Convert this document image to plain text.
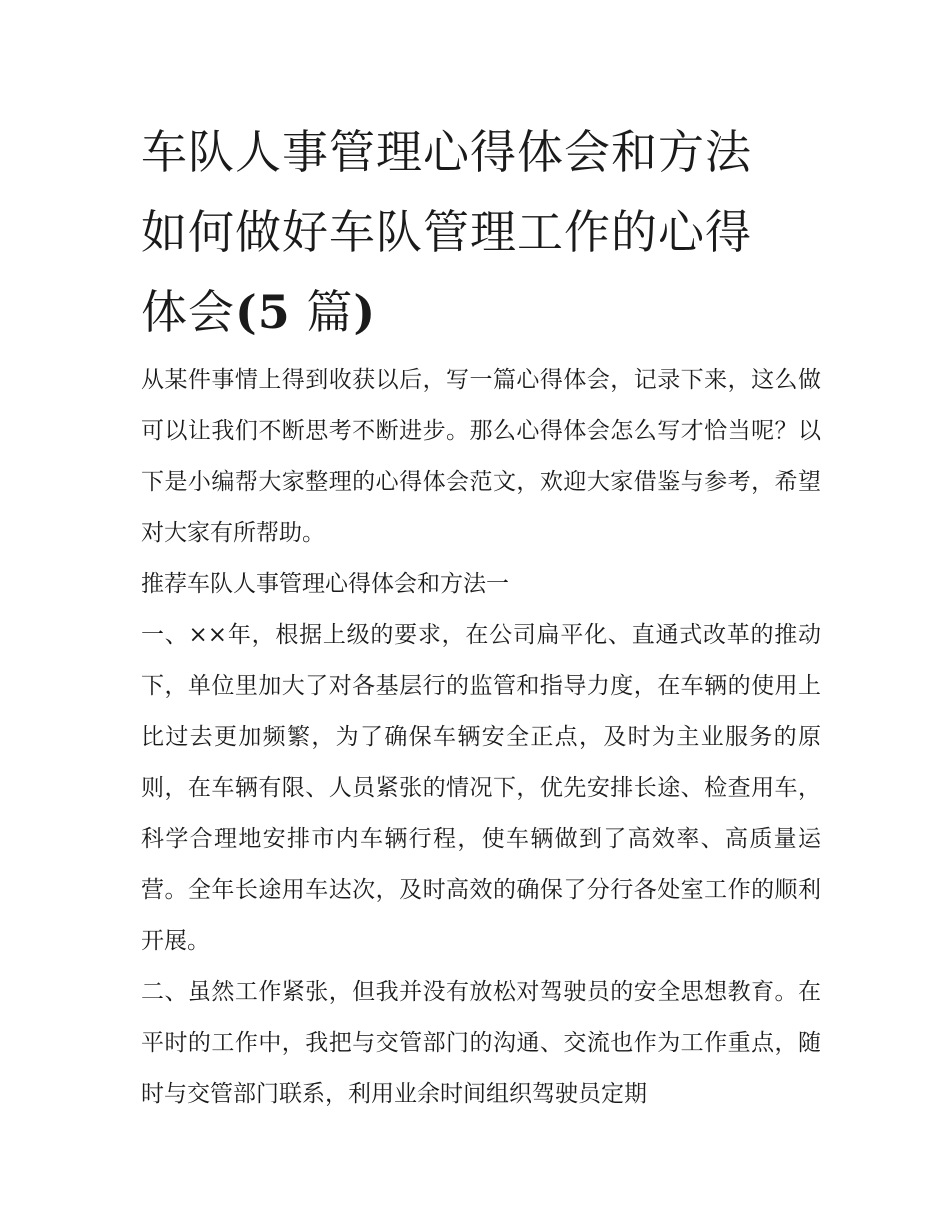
车队人事管理心得体会和方法
如何做好车队管理工作的心得
体会(5 篇)

从某件事情上得到收获以后，写一篇心得体会，记录下来，这么做可以让我们不断思考不断进步。那么心得体会怎么写才恰当呢？以下是小编帮大家整理的心得体会范文，欢迎大家借鉴与参考，希望对大家有所帮助。

推荐车队人事管理心得体会和方法一

一、××年，根据上级的要求，在公司扁平化、直通式改革的推动下，单位里加大了对各基层行的监管和指导力度，在车辆的使用上比过去更加频繁，为了确保车辆安全正点，及时为主业服务的原则，在车辆有限、人员紧张的情况下，优先安排长途、检查用车，科学合理地安排市内车辆行程，使车辆做到了高效率、高质量运营。全年长途用车达次，及时高效的确保了分行各处室工作的顺利开展。

二、虽然工作紧张，但我并没有放松对驾驶员的安全思想教育。在平时的工作中，我把与交管部门的沟通、交流也作为工作重点，随时与交管部门联系，利用业余时间组织驾驶员定期
